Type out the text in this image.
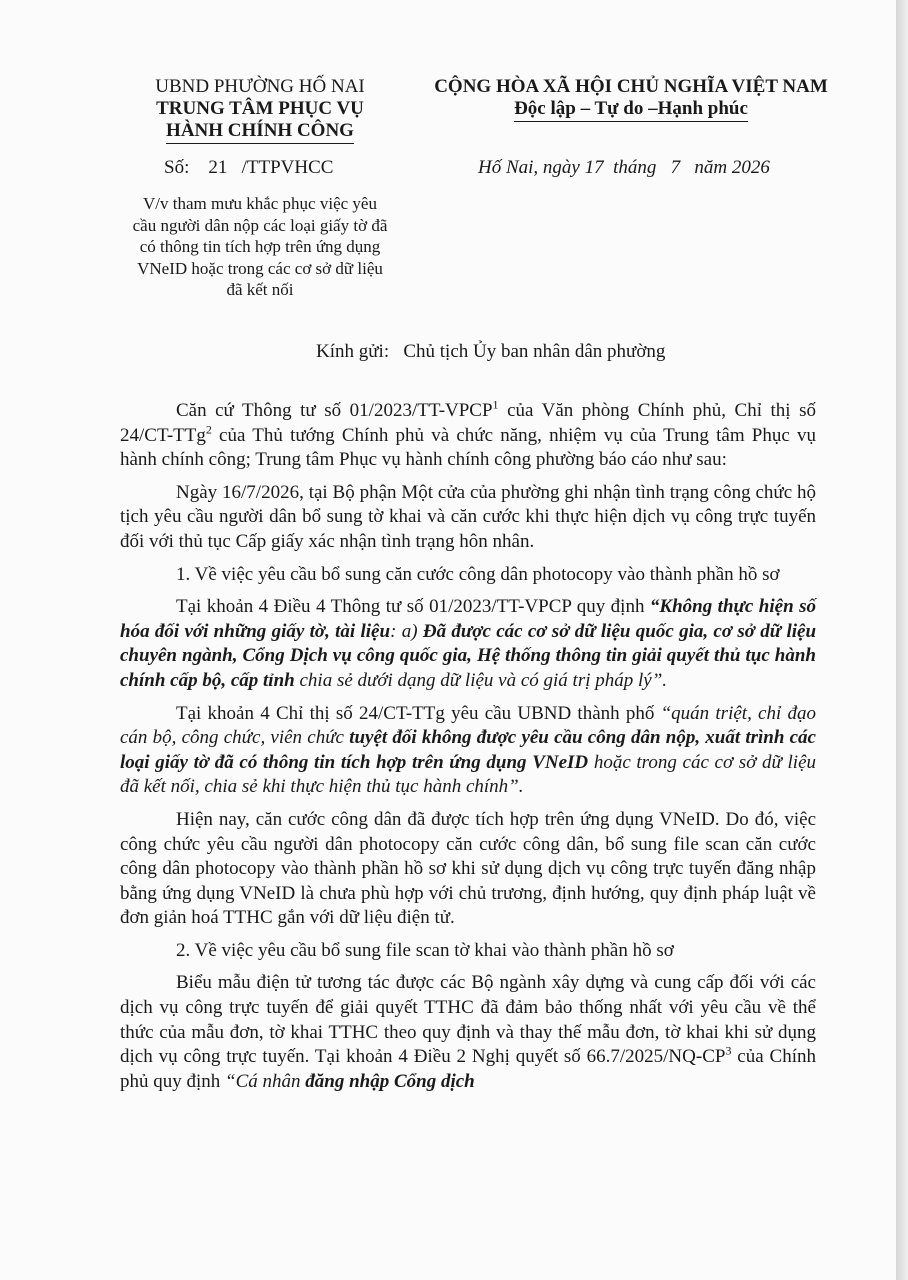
UBND PHƯỜNG HỐ NAI
TRUNG TÂM PHỤC VỤ
HÀNH CHÍNH CÔNG
CỘNG HÒA XÃ HỘI CHỦ NGHĨA VIỆT NAM
Độc lập – Tự do –Hạnh phúc
Số:    21   /TTPVHCC	Hố Nai, ngày 17  tháng   7   năm 2026
V/v tham mưu khắc phục việc yêu
cầu người dân nộp các loại giấy tờ đã
có thông tin tích hợp trên ứng dụng
VNeID hoặc trong các cơ sở dữ liệu
đã kết nối
Kính gửi:   Chủ tịch Ủy ban nhân dân phường

Căn cứ Thông tư số 01/2023/TT-VPCP$^1$ của Văn phòng Chính phủ, Chỉ thị số 24/CT-TTg$^2$ của Thủ tướng Chính phủ và chức năng, nhiệm vụ của Trung tâm Phục vụ hành chính công; Trung tâm Phục vụ hành chính công phường báo cáo như sau:

Ngày 16/7/2026, tại Bộ phận Một cửa của phường ghi nhận tình trạng công chức hộ tịch yêu cầu người dân bổ sung tờ khai và căn cước khi thực hiện dịch vụ công trực tuyến đối với thủ tục Cấp giấy xác nhận tình trạng hôn nhân.

1. Về việc yêu cầu bổ sung căn cước công dân photocopy vào thành phần hồ sơ

Tại khoản 4 Điều 4 Thông tư số 01/2023/TT-VPCP quy định “Không thực hiện số hóa đối với những giấy tờ, tài liệu: a) Đã được các cơ sở dữ liệu quốc gia, cơ sở dữ liệu chuyên ngành, Cổng Dịch vụ công quốc gia, Hệ thống thông tin giải quyết thủ tục hành chính cấp bộ, cấp tỉnh chia sẻ dưới dạng dữ liệu và có giá trị pháp lý”.

Tại khoản 4 Chỉ thị số 24/CT-TTg yêu cầu UBND thành phố “quán triệt, chỉ đạo cán bộ, công chức, viên chức tuyệt đối không được yêu cầu công dân nộp, xuất trình các loại giấy tờ đã có thông tin tích hợp trên ứng dụng VNeID hoặc trong các cơ sở dữ liệu đã kết nối, chia sẻ khi thực hiện thủ tục hành chính”.

Hiện nay, căn cước công dân đã được tích hợp trên ứng dụng VNeID. Do đó, việc công chức yêu cầu người dân photocopy căn cước công dân, bổ sung file scan căn cước công dân photocopy vào thành phần hồ sơ khi sử dụng dịch vụ công trực tuyến đăng nhập bằng ứng dụng VNeID là chưa phù hợp với chủ trương, định hướng, quy định pháp luật về đơn giản hoá TTHC gắn với dữ liệu điện tử.

2. Về việc yêu cầu bổ sung file scan tờ khai vào thành phần hồ sơ

Biểu mẫu điện tử tương tác được các Bộ ngành xây dựng và cung cấp đối với các dịch vụ công trực tuyến để giải quyết TTHC đã đảm bảo thống nhất với yêu cầu về thể thức của mẫu đơn, tờ khai TTHC theo quy định và thay thế mẫu đơn, tờ khai khi sử dụng dịch vụ công trực tuyến. Tại khoản 4 Điều 2 Nghị quyết số $66.7/2025/NQ-CP^3$ của Chính phủ quy định “Cá nhân đăng nhập Cổng dịch
